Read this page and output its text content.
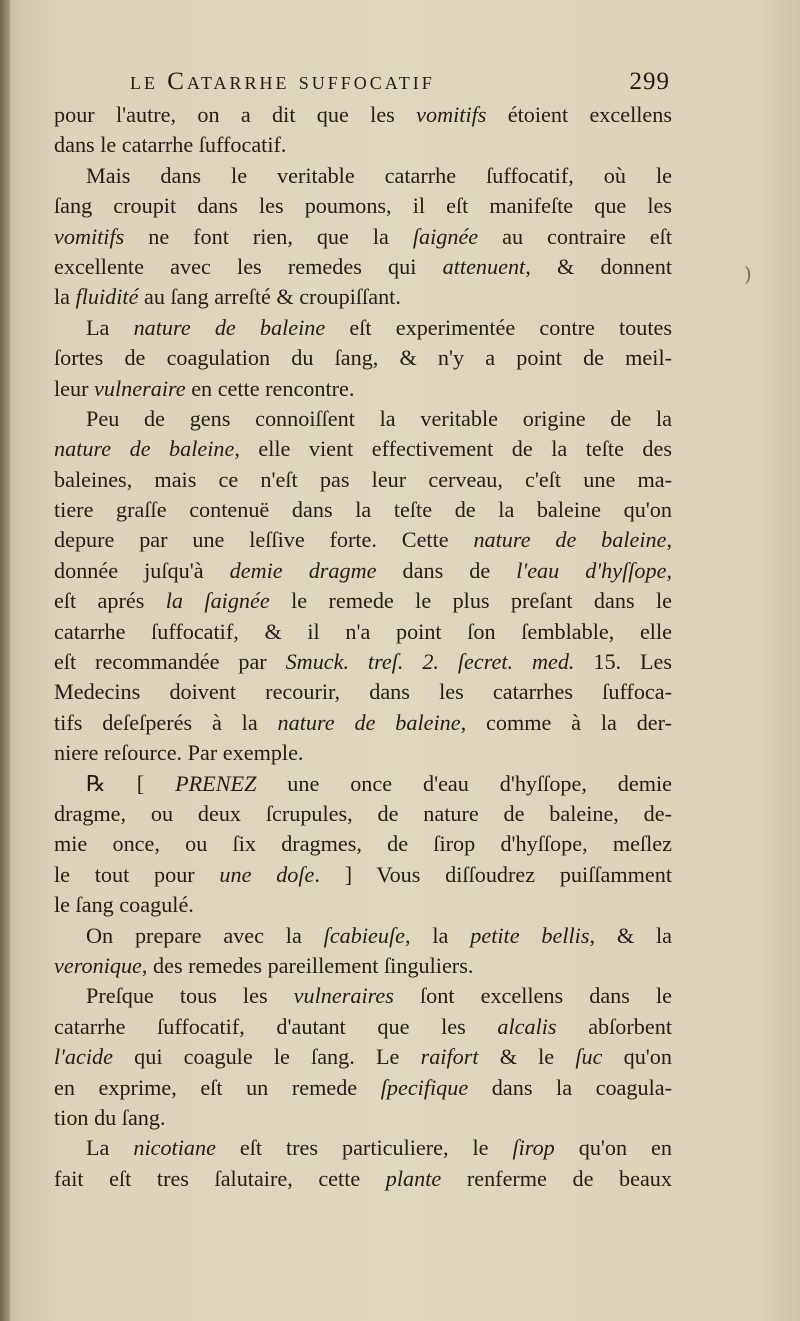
le Catarrhe suffocatif	299
pour l'autre, on a dit que les vomitifs étoient excellens
dans le catarrhe ſuffocatif.
Mais dans le veritable catarrhe ſuffocatif, où le
ſang croupit dans les poumons, il eſt manifeſte que les
vomitifs ne font rien, que la ſaignée au contraire eſt
excellente avec les remedes qui attenuent, & donnent
la fluidité au ſang arreſté & croupiſſant.
La nature de baleine eſt experimentée contre toutes
ſortes de coagulation du ſang, & n'y a point de meil-
leur vulneraire en cette rencontre.
Peu de gens connoiſſent la veritable origine de la
nature de baleine, elle vient effectivement de la teſte des
baleines, mais ce n'eſt pas leur cerveau, c'eſt une ma-
tiere graſſe contenuë dans la teſte de la baleine qu'on
depure par une leſſive forte. Cette nature de baleine,
donnée juſqu'à demie dragme dans de l'eau d'hyſſope,
eſt aprés la ſaignée le remede le plus preſant dans le
catarrhe ſuffocatif, & il n'a point ſon ſemblable, elle
eſt recommandée par Smuck. treſ. 2. ſecret. med. 15. Les
Medecins doivent recourir, dans les catarrhes ſuffoca-
tifs deſeſperés à la nature de baleine, comme à la der-
niere reſource. Par exemple.
℞ [ PRENEZ une once d'eau d'hyſſope, demie
dragme, ou deux ſcrupules, de nature de baleine, de-
mie once, ou ſix dragmes, de ſirop d'hyſſope, meſlez
le tout pour une doſe. ] Vous diſſoudrez puiſſamment
le ſang coagulé.
On prepare avec la ſcabieuſe, la petite bellis, & la
veronique, des remedes pareillement ſinguliers.
Preſque tous les vulneraires ſont excellens dans le
catarrhe ſuffocatif, d'autant que les alcalis abſorbent
l'acide qui coagule le ſang. Le raifort & le ſuc qu'on
en exprime, eſt un remede ſpecifique dans la coagula-
tion du ſang.
La nicotiane eſt tres particuliere, le ſirop qu'on en
fait eſt tres ſalutaire, cette plante renferme de beaux
)
